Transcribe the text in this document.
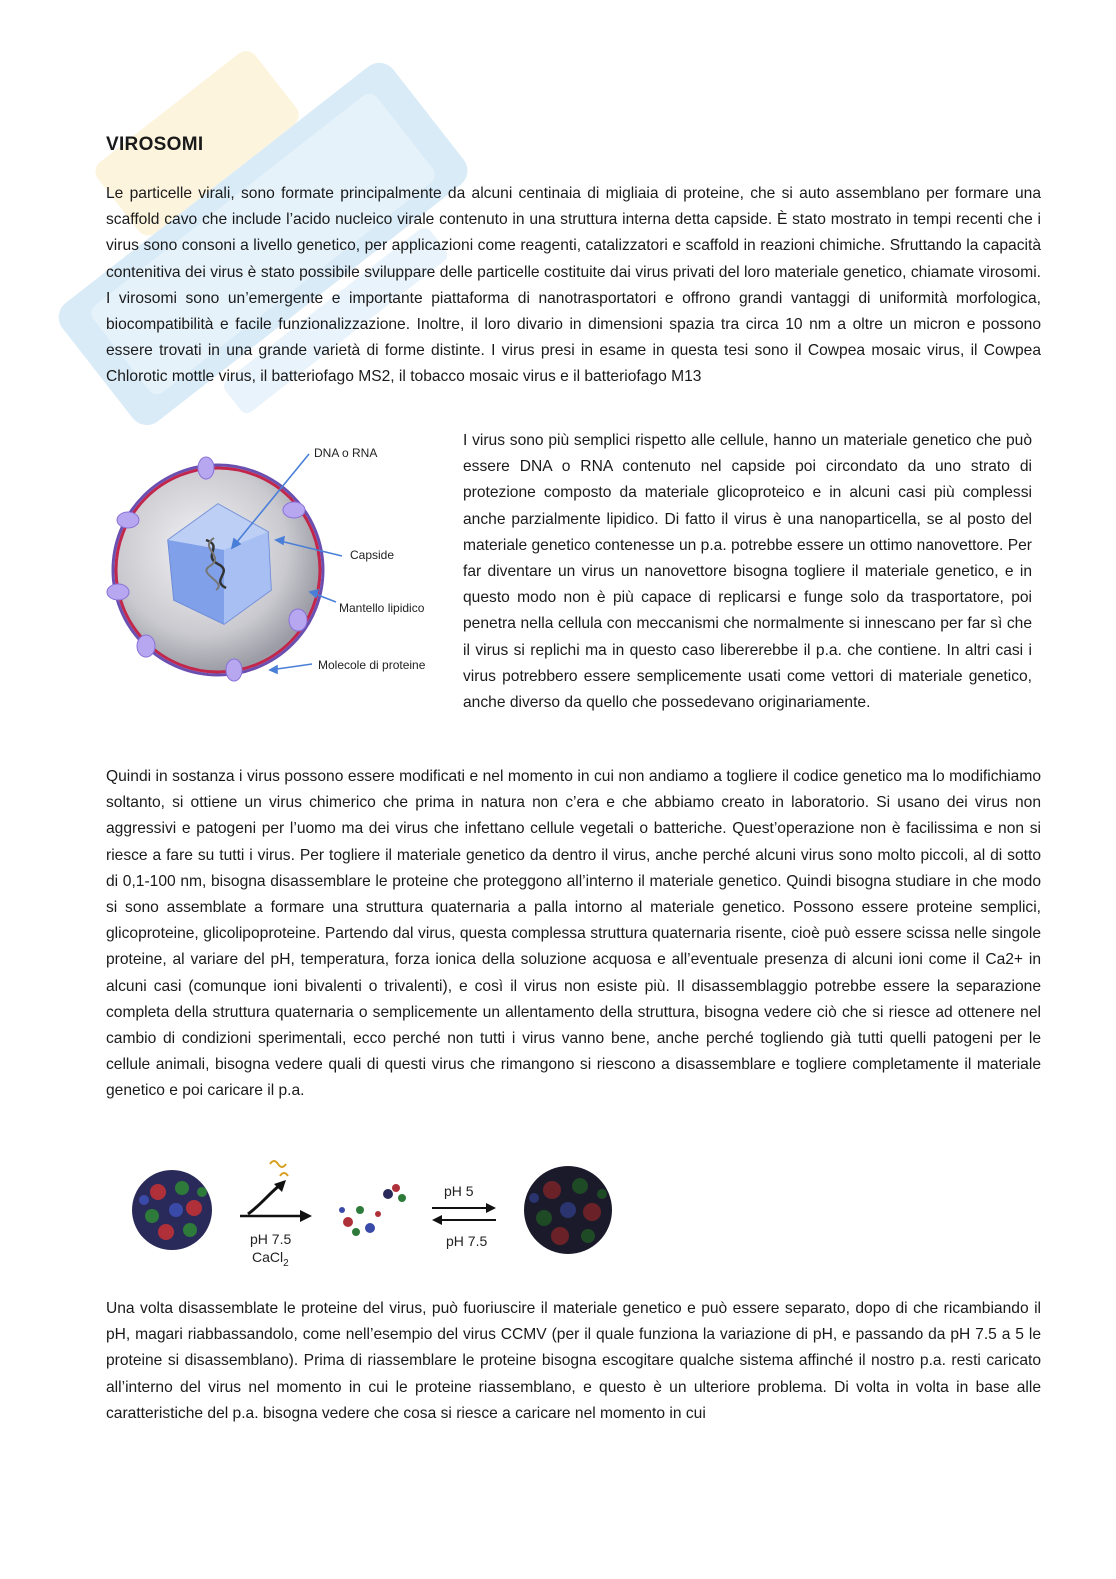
VIROSOMI

Le particelle virali, sono formate principalmente da alcuni centinaia di migliaia di proteine, che si auto assemblano per formare una scaffold cavo che include l’acido nucleico virale contenuto in una struttura interna detta capside. È stato mostrato in tempi recenti che i virus sono consoni a livello genetico, per applicazioni come reagenti, catalizzatori e scaffold in reazioni chimiche. Sfruttando la capacità contenitiva dei virus è stato possibile sviluppare delle particelle costituite dai virus privati del loro materiale genetico, chiamate virosomi. I virosomi sono un’emergente e importante piattaforma di nanotrasportatori e offrono grandi vantaggi di uniformità morfologica, biocompatibilità e facile funzionalizzazione. Inoltre, il loro divario in dimensioni spazia tra circa 10 nm a oltre un micron e possono essere trovati in una grande varietà di forme distinte. I virus presi in esame in questa tesi sono il Cowpea mosaic virus, il Cowpea Chlorotic mottle virus, il batteriofago MS2, il tobacco mosaic virus e il batteriofago M13

DNA o RNA
Capside
Mantello lipidico
Molecole di proteine

I virus sono più semplici rispetto alle cellule, hanno un materiale genetico che può essere DNA o RNA contenuto nel capside poi circondato da uno strato di protezione composto da materiale glicoproteico e in alcuni casi più complessi anche parzialmente lipidico. Di fatto il virus è una nanoparticella, se al posto del materiale genetico contenesse un p.a. potrebbe essere un ottimo nanovettore. Per far diventare un virus un nanovettore bisogna togliere il materiale genetico, e in questo modo non è più capace di replicarsi e funge solo da trasportatore, poi penetra nella cellula con meccanismi che normalmente si innescano per far sì che il virus si replichi ma in questo caso libererebbe il p.a. che contiene. In altri casi i virus potrebbero essere semplicemente usati come vettori di materiale genetico, anche diverso da quello che possedevano originariamente.

Quindi in sostanza i virus possono essere modificati e nel momento in cui non andiamo a togliere il codice genetico ma lo modifichiamo soltanto, si ottiene un virus chimerico che prima in natura non c’era e che abbiamo creato in laboratorio. Si usano dei virus non aggressivi e patogeni per l’uomo ma dei virus che infettano cellule vegetali o batteriche. Quest’operazione non è facilissima e non si riesce a fare su tutti i virus. Per togliere il materiale genetico da dentro il virus, anche perché alcuni virus sono molto piccoli, al di sotto di 0,1-100 nm, bisogna disassemblare le proteine che proteggono all’interno il materiale genetico. Quindi bisogna studiare in che modo si sono assemblate a formare una struttura quaternaria a palla intorno al materiale genetico. Possono essere proteine semplici, glicoproteine, glicolipoproteine. Partendo dal virus, questa complessa struttura quaternaria risente, cioè può essere scissa nelle singole proteine, al variare del pH, temperatura, forza ionica della soluzione acquosa e all’eventuale presenza di alcuni ioni come il Ca2+ in alcuni casi (comunque ioni bivalenti o trivalenti), e così il virus non esiste più. Il disassemblaggio potrebbe essere la separazione completa della struttura quaternaria o semplicemente un allentamento della struttura, bisogna vedere ciò che si riesce ad ottenere nel cambio di condizioni sperimentali, ecco perché non tutti i virus vanno bene, anche perché togliendo già tutti quelli patogeni per le cellule animali, bisogna vedere quali di questi virus che rimangono si riescono a disassemblare e togliere completamente il materiale genetico e poi caricare il p.a.

pH 7.5
CaCl$_2$
pH 5
pH 7.5

Una volta disassemblate le proteine del virus, può fuoriuscire il materiale genetico e può essere separato, dopo di che ricambiando il pH, magari riabbassandolo, come nell’esempio del virus CCMV (per il quale funziona la variazione di pH, e passando da pH 7.5 a 5 le proteine si disassemblano). Prima di riassemblare le proteine bisogna escogitare qualche sistema affinché il nostro p.a. resti caricato all’interno del virus nel momento in cui le proteine riassemblano, e questo è un ulteriore problema. Di volta in volta in base alle caratteristiche del p.a. bisogna vedere che cosa si riesce a caricare nel momento in cui
